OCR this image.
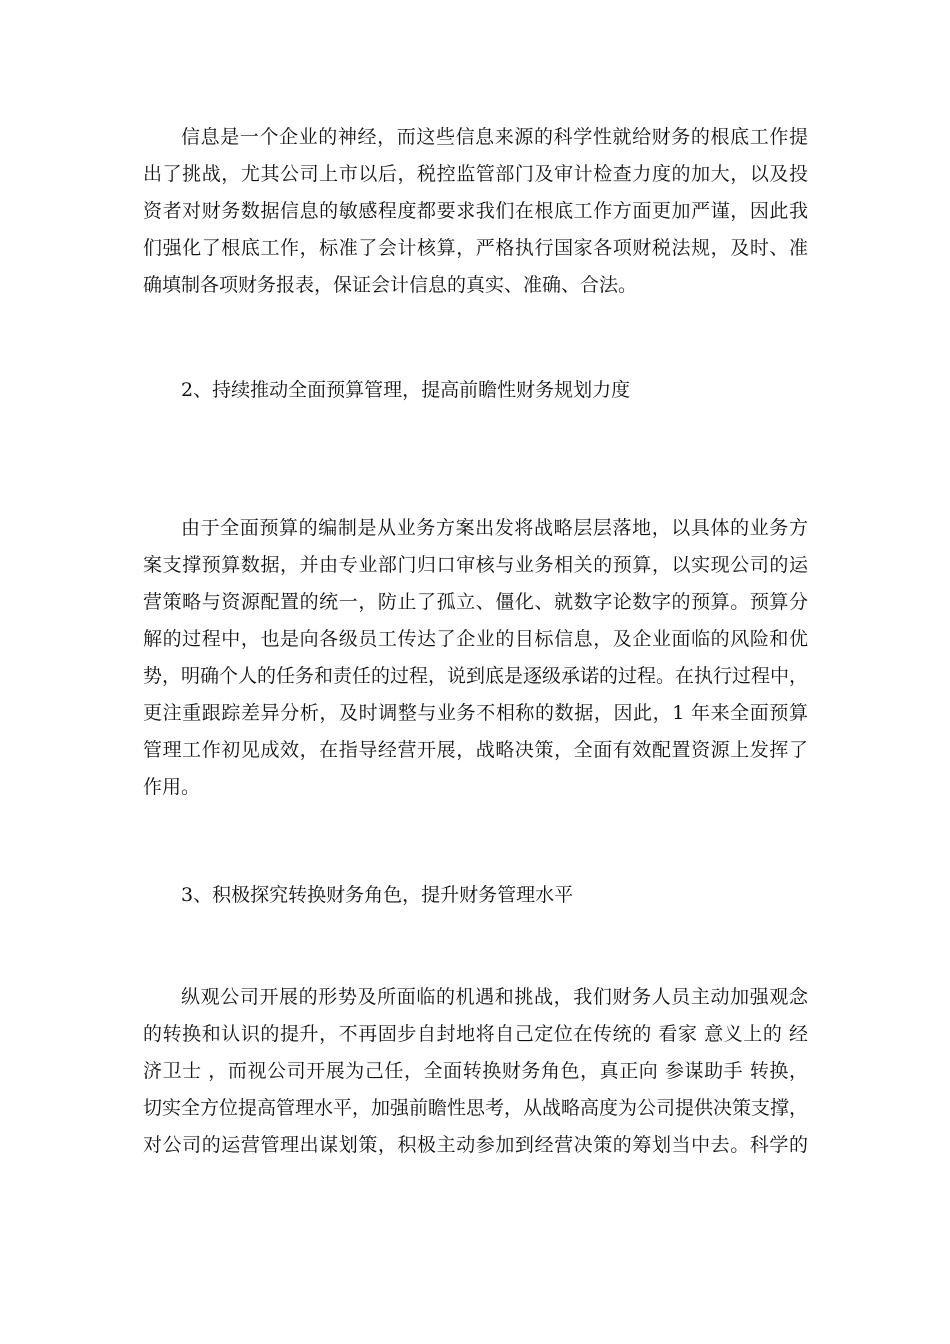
信息是一个企业的神经，而这些信息来源的科学性就给财务的根底工作提
出了挑战，尤其公司上市以后，税控监管部门及审计检查力度的加大，以及投
资者对财务数据信息的敏感程度都要求我们在根底工作方面更加严谨，因此我
们强化了根底工作，标准了会计核算，严格执行国家各项财税法规，及时、准
确填制各项财务报表，保证会计信息的真实、准确、合法。
2、持续推动全面预算管理，提高前瞻性财务规划力度
由于全面预算的编制是从业务方案出发将战略层层落地，以具体的业务方
案支撑预算数据，并由专业部门归口审核与业务相关的预算，以实现公司的运
营策略与资源配置的统一，防止了孤立、僵化、就数字论数字的预算。预算分
解的过程中，也是向各级员工传达了企业的目标信息，及企业面临的风险和优
势，明确个人的任务和责任的过程，说到底是逐级承诺的过程。在执行过程中，
更注重跟踪差异分析，及时调整与业务不相称的数据，因此，1 年来全面预算
管理工作初见成效，在指导经营开展，战略决策，全面有效配置资源上发挥了
作用。
3、积极探究转换财务角色，提升财务管理水平
纵观公司开展的形势及所面临的机遇和挑战，我们财务人员主动加强观念
的转换和认识的提升，不再固步自封地将自己定位在传统的 看家 意义上的 经
济卫士 ，而视公司开展为己任，全面转换财务角色，真正向 参谋助手 转换，
切实全方位提高管理水平，加强前瞻性思考，从战略高度为公司提供决策支撑，
对公司的运营管理出谋划策，积极主动参加到经营决策的筹划当中去。科学的
